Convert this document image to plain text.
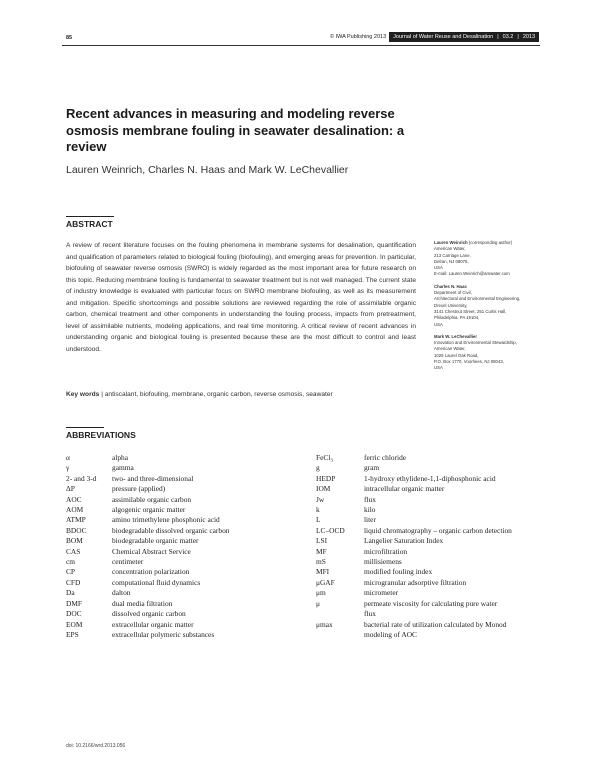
85	© IWA Publishing 2013 Journal of Water Reuse and Desalination | 03.2 | 2013
Recent advances in measuring and modeling reverse osmosis membrane fouling in seawater desalination: a review
Lauren Weinrich, Charles N. Haas and Mark W. LeChevallier
ABSTRACT

A review of recent literature focuses on the fouling phenomena in membrane systems for desalination, quantification and qualification of parameters related to biological fouling (biofouling), and emerging areas for prevention. In particular, biofouling of seawater reverse osmosis (SWRO) is widely regarded as the most important area for future research on this topic. Reducing membrane fouling is fundamental to seawater treatment but is not well managed. The current state of industry knowledge is evaluated with particular focus on SWRO membrane biofouling, as well as its measurement and mitigation. Specific shortcomings and possible solutions are reviewed regarding the role of assimilable organic carbon, chemical treatment and other components in understanding the fouling process, impacts from pretreatment, level of assimilable nutrients, modeling applications, and real time monitoring. A critical review of recent advances in understanding organic and biological fouling is presented because these are the most difficult to control and least understood.

Key words | antiscalant, biofouling, membrane, organic carbon, reverse osmosis, seawater
Lauren Weinrich (corresponding author)
American Water,
213 Carriage Lane,
Delran, NJ 08075,
USA
E-mail: Lauren.Weinrich@amwater.com
Charles N. Haas
Department of Civil,
Architectural and Environmental Engineering,
Drexel University,
3141 Chestnut Street, 251 Curtis Hall,
Philadelphia, PA 19104,
USA
Mark W. LeChevallier
Innovation and Environmental Stewardship,
American Water,
1025 Laurel Oak Road,
P.O. Box 1770, Voorhees, NJ 08043,
USA
ABBREVIATIONS
α	alpha
γ	gamma
2- and 3-d	two- and three-dimensional
ΔP	pressure (applied)
AOC	assimilable organic carbon
AOM	algogenic organic matter
ATMP	amino trimethylene phosphonic acid
BDOC	biodegradable dissolved organic carbon
BOM	biodegradable organic matter
CAS	Chemical Abstract Service
cm	centimeter
CP	concentration polarization
CFD	computational fluid dynamics
Da	dalton
DMF	dual media filtration
DOC	dissolved organic carbon
EOM	extracellular organic matter
EPS	extracellular polymeric substances
FeCl₃	ferric chloride
g	gram
HEDP	1-hydroxy ethylidene-1,1-diphosphonic acid
IOM	intracellular organic matter
Jw	flux
k	kilo
L	liter
LC–OCD	liquid chromatography – organic carbon detection
LSI	Langelier Saturation Index
MF	microfiltration
mS	millisiemens
MFI	modified fouling index
μGAF	microgranular adsorptive filtration
μm	micrometer
μ	permeate viscosity for calculating pure water
flux
μmax	bacterial rate of utilization calculated by Monod
modeling of AOC
doi: 10.2166/wrd.2013.056
